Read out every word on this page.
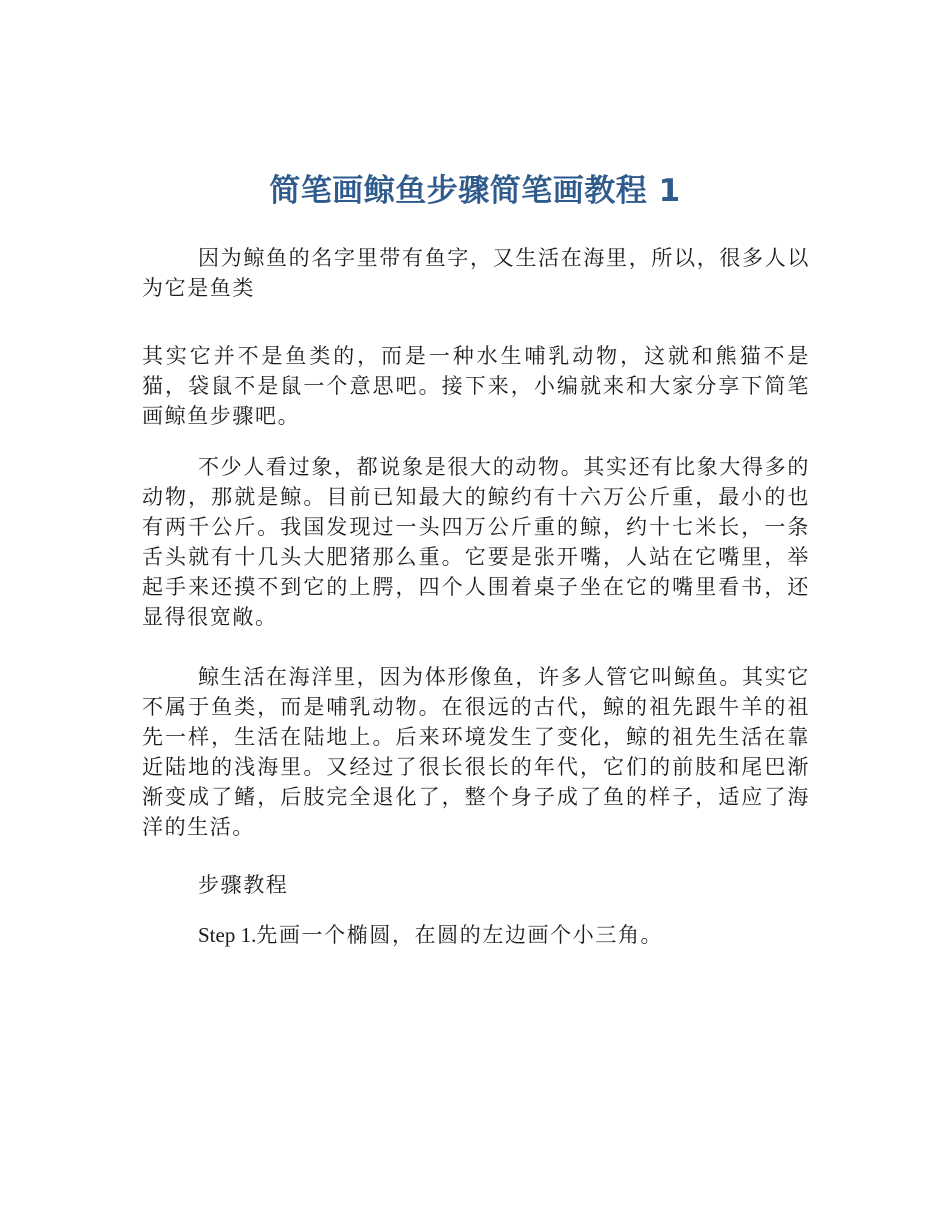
简笔画鲸鱼步骤简笔画教程 1

因为鲸鱼的名字里带有鱼字，又生活在海里，所以，很多人以为它是鱼类

其实它并不是鱼类的，而是一种水生哺乳动物，这就和熊猫不是猫，袋鼠不是鼠一个意思吧。接下来，小编就来和大家分享下简笔画鲸鱼步骤吧。

不少人看过象，都说象是很大的动物。其实还有比象大得多的动物，那就是鲸。目前已知最大的鲸约有十六万公斤重，最小的也有两千公斤。我国发现过一头四万公斤重的鲸，约十七米长，一条舌头就有十几头大肥猪那么重。它要是张开嘴，人站在它嘴里，举起手来还摸不到它的上腭，四个人围着桌子坐在它的嘴里看书，还显得很宽敞。

鲸生活在海洋里，因为体形像鱼，许多人管它叫鲸鱼。其实它不属于鱼类，而是哺乳动物。在很远的古代，鲸的祖先跟牛羊的祖先一样，生活在陆地上。后来环境发生了变化，鲸的祖先生活在靠近陆地的浅海里。又经过了很长很长的年代，它们的前肢和尾巴渐渐变成了鳍，后肢完全退化了，整个身子成了鱼的样子，适应了海洋的生活。

步骤教程

Step 1.先画一个椭圆，在圆的左边画个小三角。
